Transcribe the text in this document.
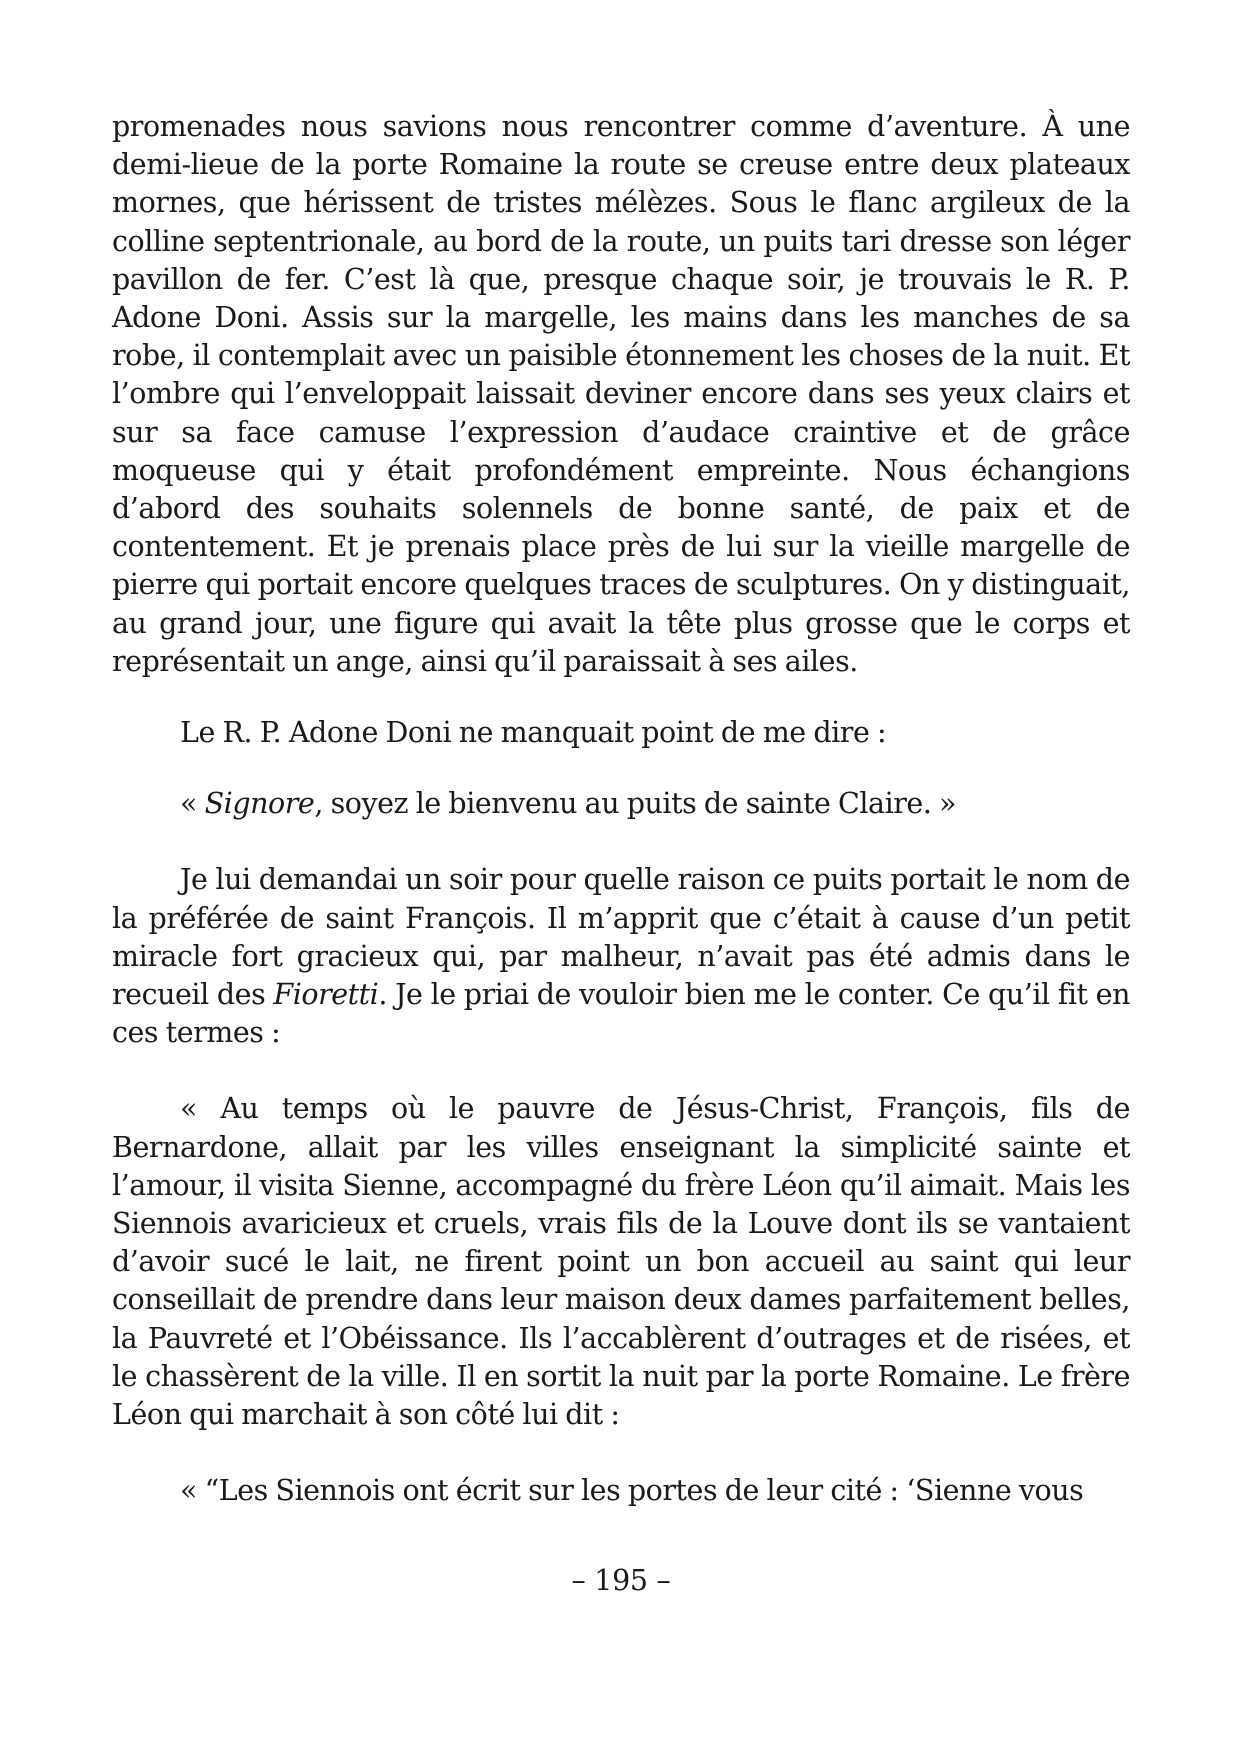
promenades nous savions nous rencontrer comme d’aventure. À une demi-lieue de la porte Romaine la route se creuse entre deux plateaux mornes, que hérissent de tristes mélèzes. Sous le flanc argileux de la colline septentrionale, au bord de la route, un puits tari dresse son léger pavillon de fer. C’est là que, presque chaque soir, je trouvais le R. P. Adone Doni. Assis sur la margelle, les mains dans les manches de sa robe, il contemplait avec un paisible étonnement les choses de la nuit. Et l’ombre qui l’enveloppait laissait deviner encore dans ses yeux clairs et sur sa face camuse l’expression d’audace craintive et de grâce moqueuse qui y était profondément empreinte. Nous échangions d’abord des souhaits solennels de bonne santé, de paix et de contentement. Et je prenais place près de lui sur la vieille margelle de pierre qui portait encore quelques traces de sculptures. On y distinguait, au grand jour, une figure qui avait la tête plus grosse que le corps et représentait un ange, ainsi qu’il paraissait à ses ailes.

Le R. P. Adone Doni ne manquait point de me dire :

« Signore, soyez le bienvenu au puits de sainte Claire. »

Je lui demandai un soir pour quelle raison ce puits portait le nom de la préférée de saint François. Il m’apprit que c’était à cause d’un petit miracle fort gracieux qui, par malheur, n’avait pas été admis dans le recueil des Fioretti. Je le priai de vouloir bien me le conter. Ce qu’il fit en ces termes :

« Au temps où le pauvre de Jésus-Christ, François, fils de Bernardone, allait par les villes enseignant la simplicité sainte et l’amour, il visita Sienne, accompagné du frère Léon qu’il aimait. Mais les Siennois avaricieux et cruels, vrais fils de la Louve dont ils se vantaient d’avoir sucé le lait, ne firent point un bon accueil au saint qui leur conseillait de prendre dans leur maison deux dames parfaitement belles, la Pauvreté et l’Obéissance. Ils l’accablèrent d’outrages et de risées, et le chassèrent de la ville. Il en sortit la nuit par la porte Romaine. Le frère Léon qui marchait à son côté lui dit :

« “Les Siennois ont écrit sur les portes de leur cité : ‘Sienne vous

– 195 –
